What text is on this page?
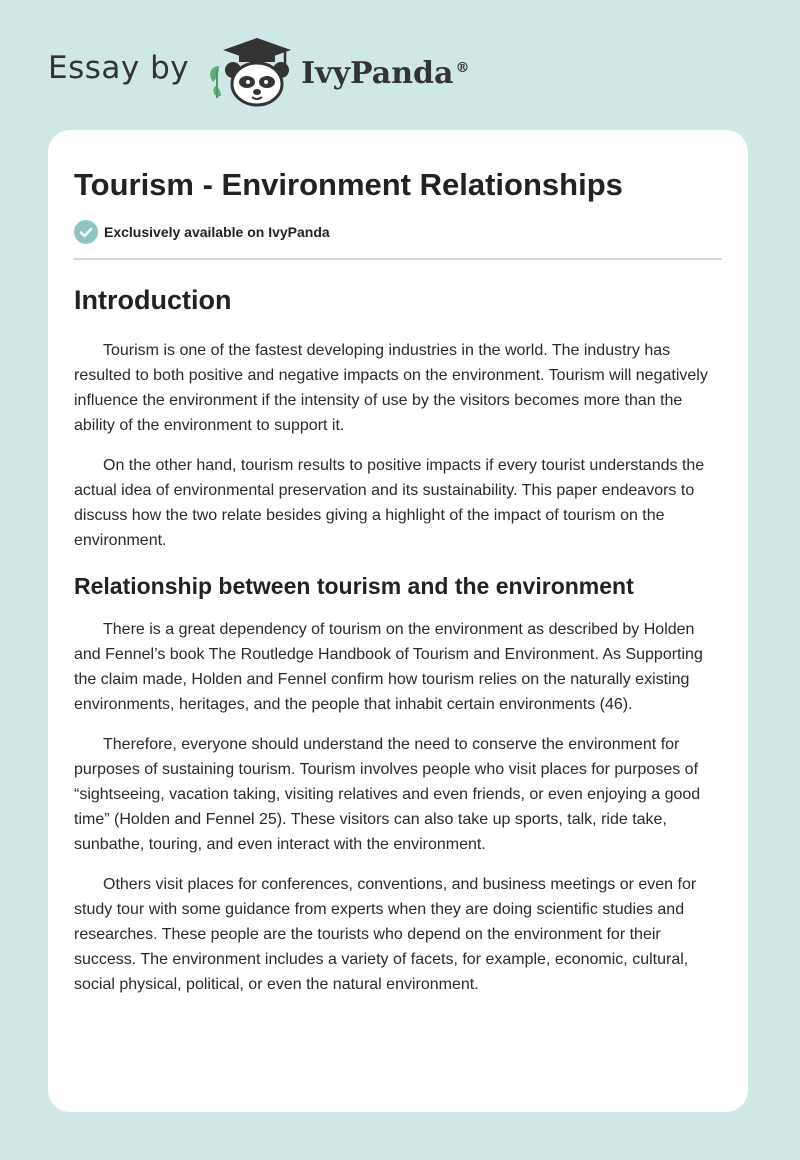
Essay by	IvyPanda ®
Tourism - Environment Relationships
Exclusively available on IvyPanda
Introduction

Tourism is one of the fastest developing industries in the world. The industry has resulted to both positive and negative impacts on the environment. Tourism will negatively influence the environment if the intensity of use by the visitors becomes more than the ability of the environment to support it.

On the other hand, tourism results to positive impacts if every tourist understands the actual idea of environmental preservation and its sustainability. This paper endeavors to discuss how the two relate besides giving a highlight of the impact of tourism on the environment.

Relationship between tourism and the environment

There is a great dependency of tourism on the environment as described by Holden and Fennel’s book The Routledge Handbook of Tourism and Environment. As Supporting the claim made, Holden and Fennel confirm how tourism relies on the naturally existing environments, heritages, and the people that inhabit certain environments (46).

Therefore, everyone should understand the need to conserve the environment for purposes of sustaining tourism. Tourism involves people who visit places for purposes of “sightseeing, vacation taking, visiting relatives and even friends, or even enjoying a good time” (Holden and Fennel 25). These visitors can also take up sports, talk, ride take, sunbathe, touring, and even interact with the environment.

Others visit places for conferences, conventions, and business meetings or even for study tour with some guidance from experts when they are doing scientific studies and researches. These people are the tourists who depend on the environment for their success. The environment includes a variety of facets, for example, economic, cultural, social physical, political, or even the natural environment.
